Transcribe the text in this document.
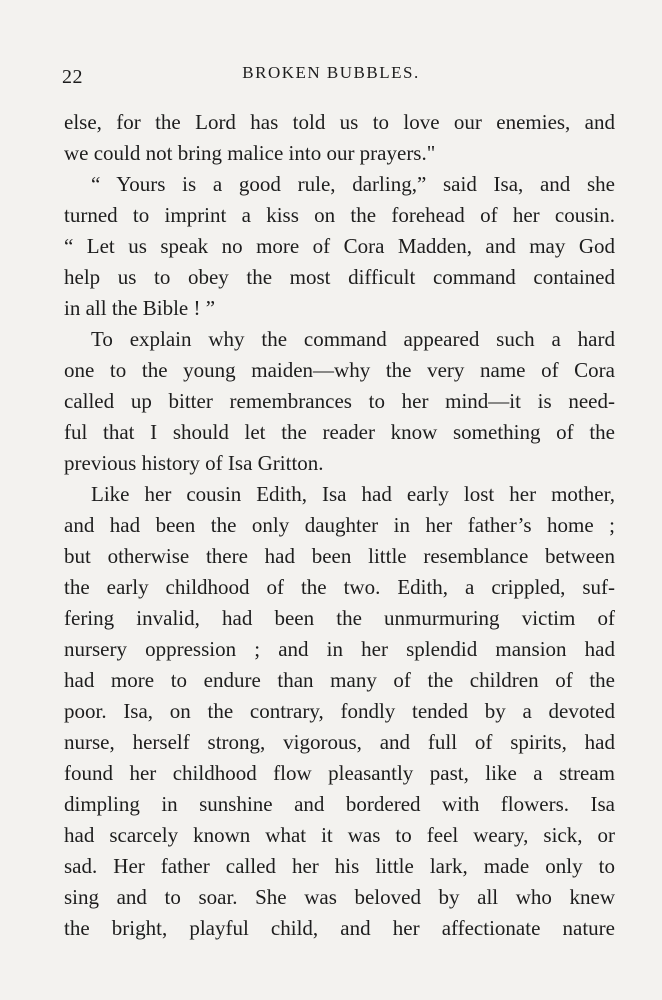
22	BROKEN BUBBLES.
else, for the Lord has told us to love our enemies, and
we could not bring malice into our prayers."
“ Yours is a good rule, darling,” said Isa, and she
turned to imprint a kiss on the forehead of her cousin.
“ Let us speak no more of Cora Madden, and may God
help us to obey the most difficult command contained
in all the Bible ! ”
To explain why the command appeared such a hard
one to the young maiden—why the very name of Cora
called up bitter remembrances to her mind—it is need-
ful that I should let the reader know something of the
previous history of Isa Gritton.
Like her cousin Edith, Isa had early lost her mother,
and had been the only daughter in her father’s home ;
but otherwise there had been little resemblance between
the early childhood of the two. Edith, a crippled, suf-
fering invalid, had been the unmurmuring victim of
nursery oppression ; and in her splendid mansion had
had more to endure than many of the children of the
poor. Isa, on the contrary, fondly tended by a devoted
nurse, herself strong, vigorous, and full of spirits, had
found her childhood flow pleasantly past, like a stream
dimpling in sunshine and bordered with flowers. Isa
had scarcely known what it was to feel weary, sick, or
sad. Her father called her his little lark, made only to
sing and to soar. She was beloved by all who knew
the bright, playful child, and her affectionate nature
